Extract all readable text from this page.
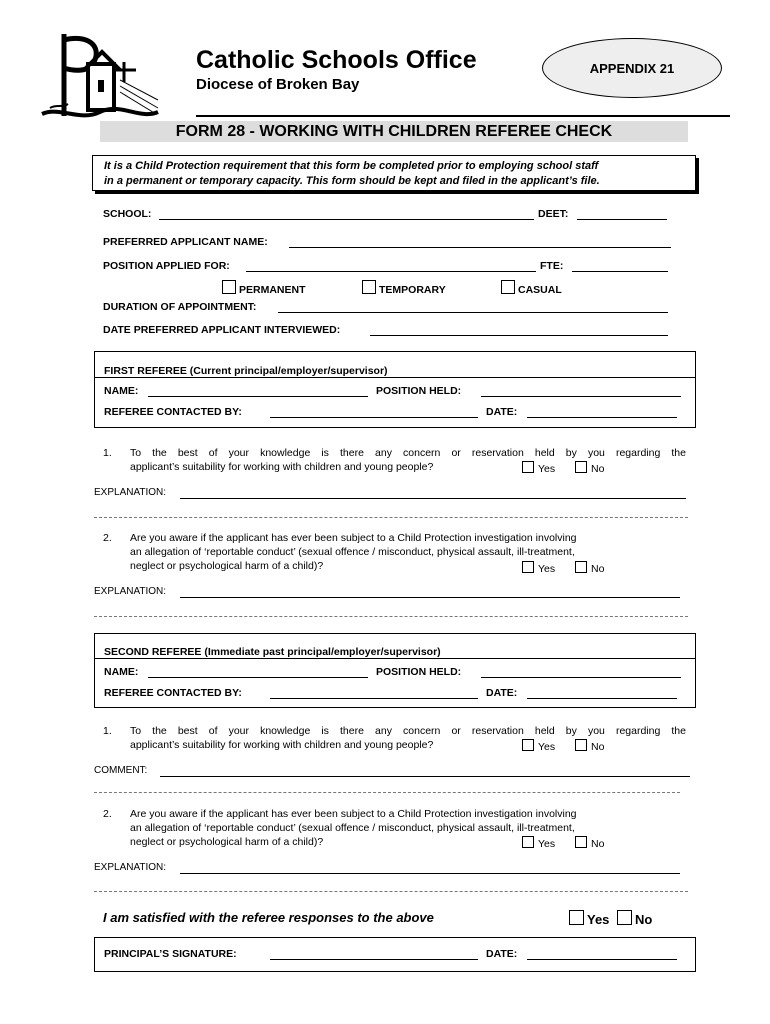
Catholic Schools Office
Diocese of Broken Bay
APPENDIX 21
FORM 28 - WORKING WITH CHILDREN REFEREE CHECK
It is a Child Protection requirement that this form be completed prior to employing school staff
in a permanent or temporary capacity. This form should be kept and filed in the applicant’s file.
SCHOOL:	DEET:
PREFERRED APPLICANT NAME:
POSITION APPLIED FOR:	FTE:
PERMANENT	TEMPORARY	CASUAL
DURATION OF APPOINTMENT:
DATE PREFERRED APPLICANT INTERVIEWED:
FIRST REFEREE (Current principal/employer/supervisor)
NAME:	POSITION HELD:
REFEREE CONTACTED BY:	DATE:
1. To the best of your knowledge is there any concern or reservation held by you regarding the
applicant’s suitability for working with children and young people?	Yes	No
EXPLANATION:
2. Are you aware if the applicant has ever been subject to a Child Protection investigation involving
an allegation of ‘reportable conduct’ (sexual offence / misconduct, physical assault, ill-treatment,
neglect or psychological harm of a child)?	Yes	No
EXPLANATION:
SECOND REFEREE (Immediate past principal/employer/supervisor)
NAME:	POSITION HELD:
REFEREE CONTACTED BY:	DATE:
1. To the best of your knowledge is there any concern or reservation held by you regarding the
applicant’s suitability for working with children and young people?	Yes	No
COMMENT:
2. Are you aware if the applicant has ever been subject to a Child Protection investigation involving
an allegation of ‘reportable conduct’ (sexual offence / misconduct, physical assault, ill-treatment,
neglect or psychological harm of a child)?	Yes	No
EXPLANATION:
I am satisfied with the referee responses to the above	Yes	No
PRINCIPAL’S SIGNATURE:	DATE:
